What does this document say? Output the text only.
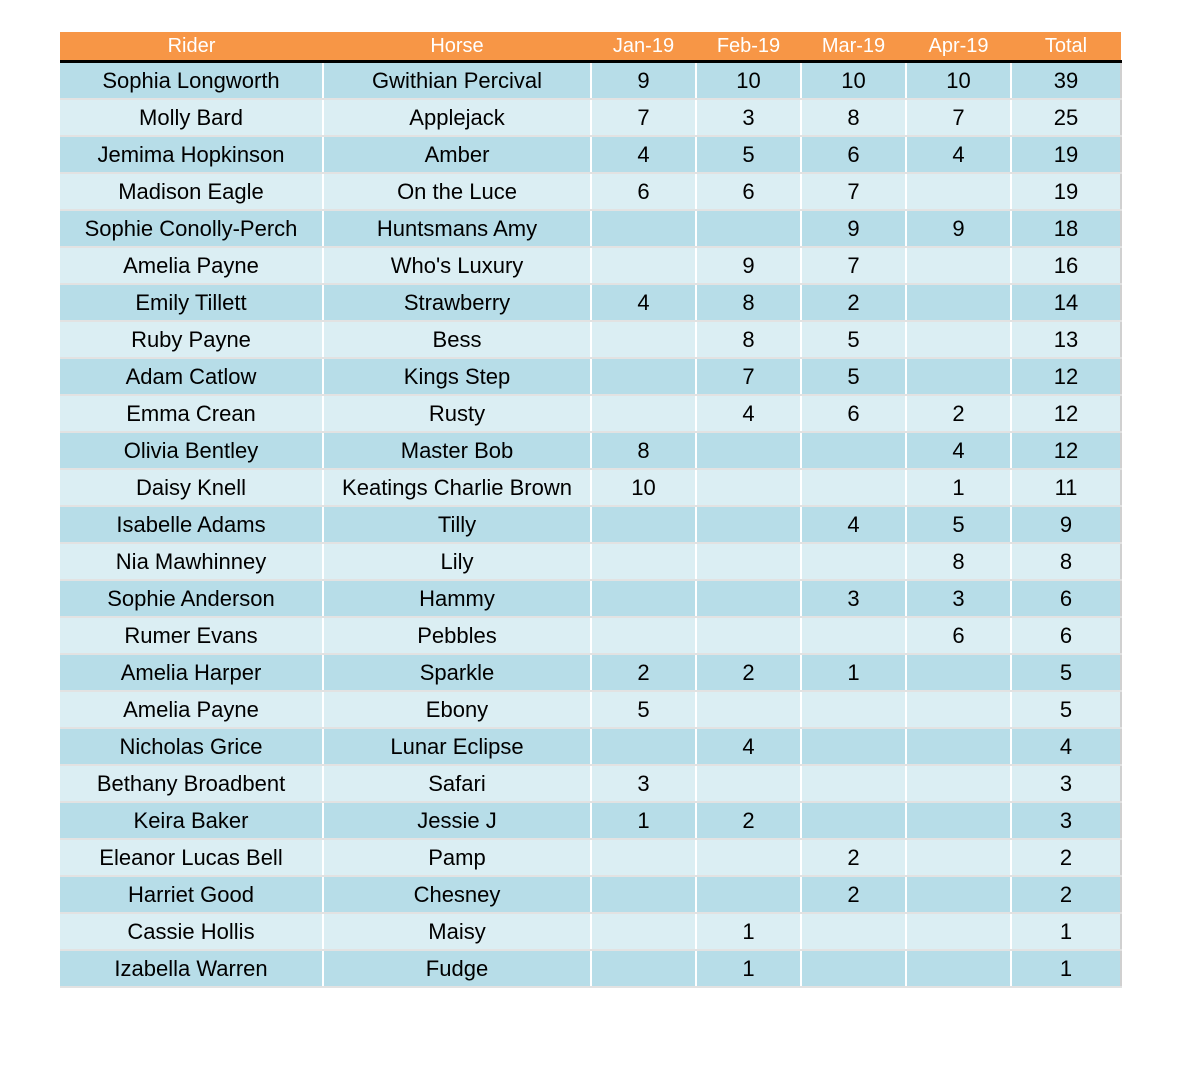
Rider	Horse	Jan-19	Feb-19	Mar-19	Apr-19	Total
Sophia Longworth	Gwithian Percival	9	10	10	10	39
Molly Bard	Applejack	7	3	8	7	25
Jemima Hopkinson	Amber	4	5	6	4	19
Madison Eagle	On the Luce	6	6	7		19
Sophie Conolly-Perch	Huntsmans Amy			9	9	18
Amelia Payne	Who's Luxury		9	7		16
Emily Tillett	Strawberry	4	8	2		14
Ruby Payne	Bess		8	5		13
Adam Catlow	Kings Step		7	5		12
Emma Crean	Rusty		4	6	2	12
Olivia Bentley	Master Bob	8			4	12
Daisy Knell	Keatings Charlie Brown	10			1	11
Isabelle Adams	Tilly			4	5	9
Nia Mawhinney	Lily				8	8
Sophie Anderson	Hammy			3	3	6
Rumer Evans	Pebbles				6	6
Amelia Harper	Sparkle	2	2	1		5
Amelia Payne	Ebony	5				5
Nicholas Grice	Lunar Eclipse		4			4
Bethany Broadbent	Safari	3				3
Keira Baker	Jessie J	1	2			3
Eleanor Lucas Bell	Pamp			2		2
Harriet Good	Chesney			2		2
Cassie Hollis	Maisy		1			1
Izabella Warren	Fudge		1			1
